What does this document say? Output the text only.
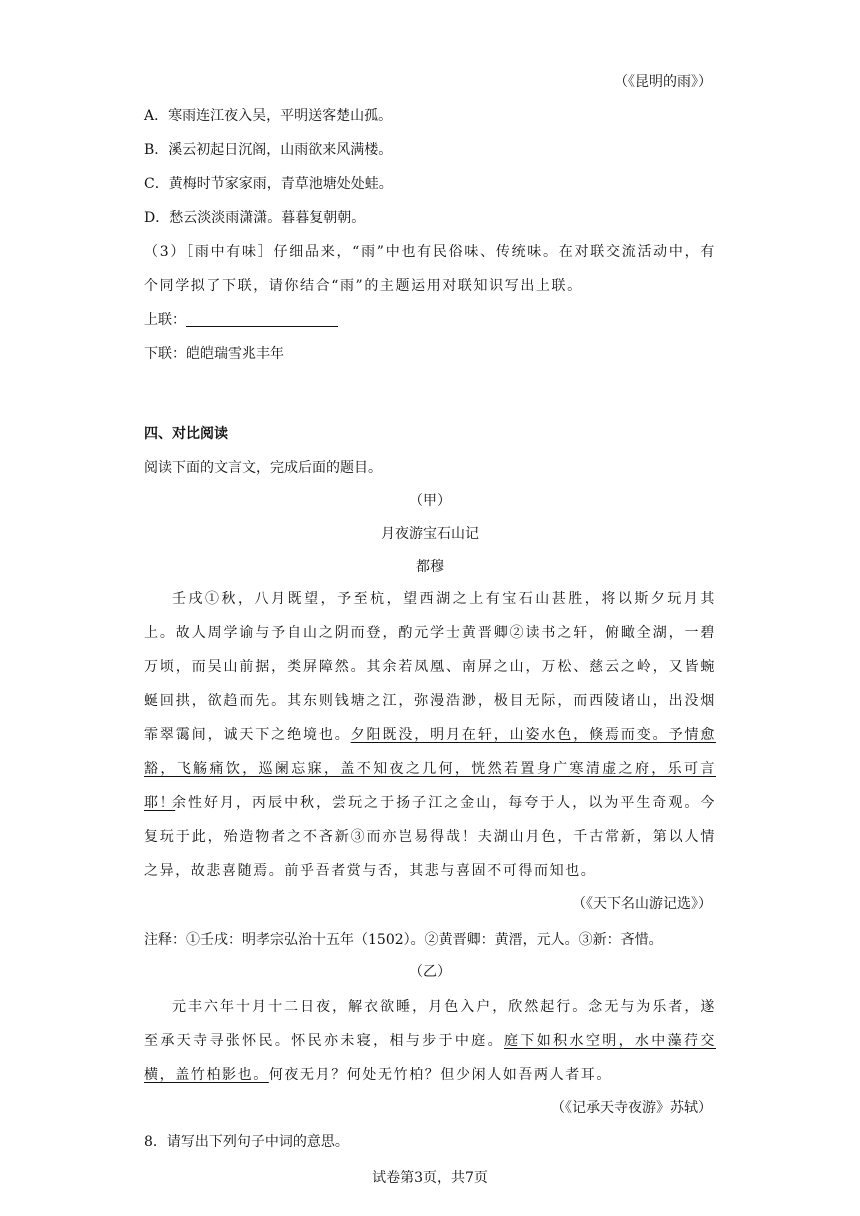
（《昆明的雨》）
A．寒雨连江夜入吴，平明送客楚山孤。
B．溪云初起日沉阁，山雨欲来风满楼。
C．黄梅时节家家雨，青草池塘处处蛙。
D．愁云淡淡雨潇潇。暮暮复朝朝。
（3）［雨中有味］仔细品来，“雨”中也有民俗味、传统味。在对联交流活动中，有个同学拟了下联，请你结合“雨”的主题运用对联知识写出上联。
上联：
下联：皑皑瑞雪兆丰年
四、对比阅读
阅读下面的文言文，完成后面的题目。
（甲）
月夜游宝石山记
都穆
壬戌①秋，八月既望，予至杭，望西湖之上有宝石山甚胜，将以斯夕玩月其上。故人周学谕与予自山之阴而登，酌元学士黄晋卿②读书之轩，俯瞰全湖，一碧万顷，而吴山前据，类屏障然。其余若凤凰、南屏之山，万松、慈云之岭，又皆蜿蜒回拱，欲趋而先。其东则钱塘之江，弥漫浩渺，极目无际，而西陵诸山，出没烟霏翠霭间，诚天下之绝境也。夕阳既没，明月在轩，山姿水色，倏焉而变。予情愈豁，飞觞痛饮，巡阑忘寐，盖不知夜之几何，恍然若置身广寒清虚之府，乐可言耶！
余性好月，丙辰中秋，尝玩之于扬子江之金山，每夸于人，以为平生奇观。今复玩于此，殆造物者之不吝新③而亦岂易得哉！夫湖山月色，千古常新，第以人情之异，故悲喜随焉。前乎吾者赏与否，其悲与喜固不可得而知也。
（《天下名山游记选》）
注释：①壬戌：明孝宗弘治十五年（1502）。②黄晋卿：黄溍，元人。③新：吝惜。
（乙）
元丰六年十月十二日夜，解衣欲睡，月色入户，欣然起行。念无与为乐者，遂至承天寺寻张怀民。怀民亦未寝，相与步于中庭。庭下如积水空明，水中藻荇交横，盖竹柏影也。何夜无月？何处无竹柏？但少闲人如吾两人者耳。
（《记承天寺夜游》苏轼）
8．请写出下列句子中词的意思。
试卷第3页，共7页
